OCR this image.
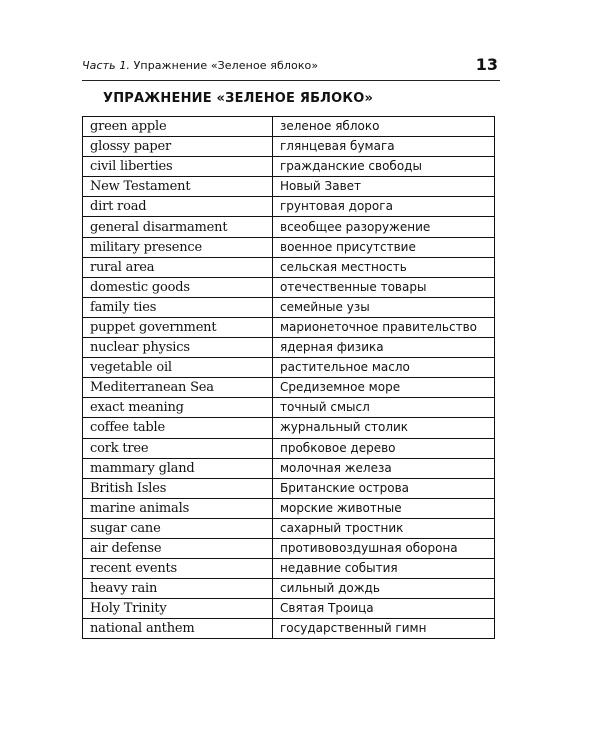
Часть 1. Упражнение «Зеленое яблоко»	13
УПРАЖНЕНИЕ «ЗЕЛЕНОЕ ЯБЛОКО»
green apple	зеленое яблоко
glossy paper	глянцевая бумага
civil liberties	гражданские свободы
New Testament	Новый Завет
dirt road	грунтовая дорога
general disarmament	всеобщее разоружение
military presence	военное присутствие
rural area	сельская местность
domestic goods	отечественные товары
family ties	семейные узы
puppet government	марионеточное правительство
nuclear physics	ядерная физика
vegetable oil	растительное масло
Mediterranean Sea	Средиземное море
exact meaning	точный смысл
coffee table	журнальный столик
cork tree	пробковое дерево
mammary gland	молочная железа
British Isles	Британские острова
marine animals	морские животные
sugar cane	сахарный тростник
air defense	противовоздушная оборона
recent events	недавние события
heavy rain	сильный дождь
Holy Trinity	Святая Троица
national anthem	государственный гимн
